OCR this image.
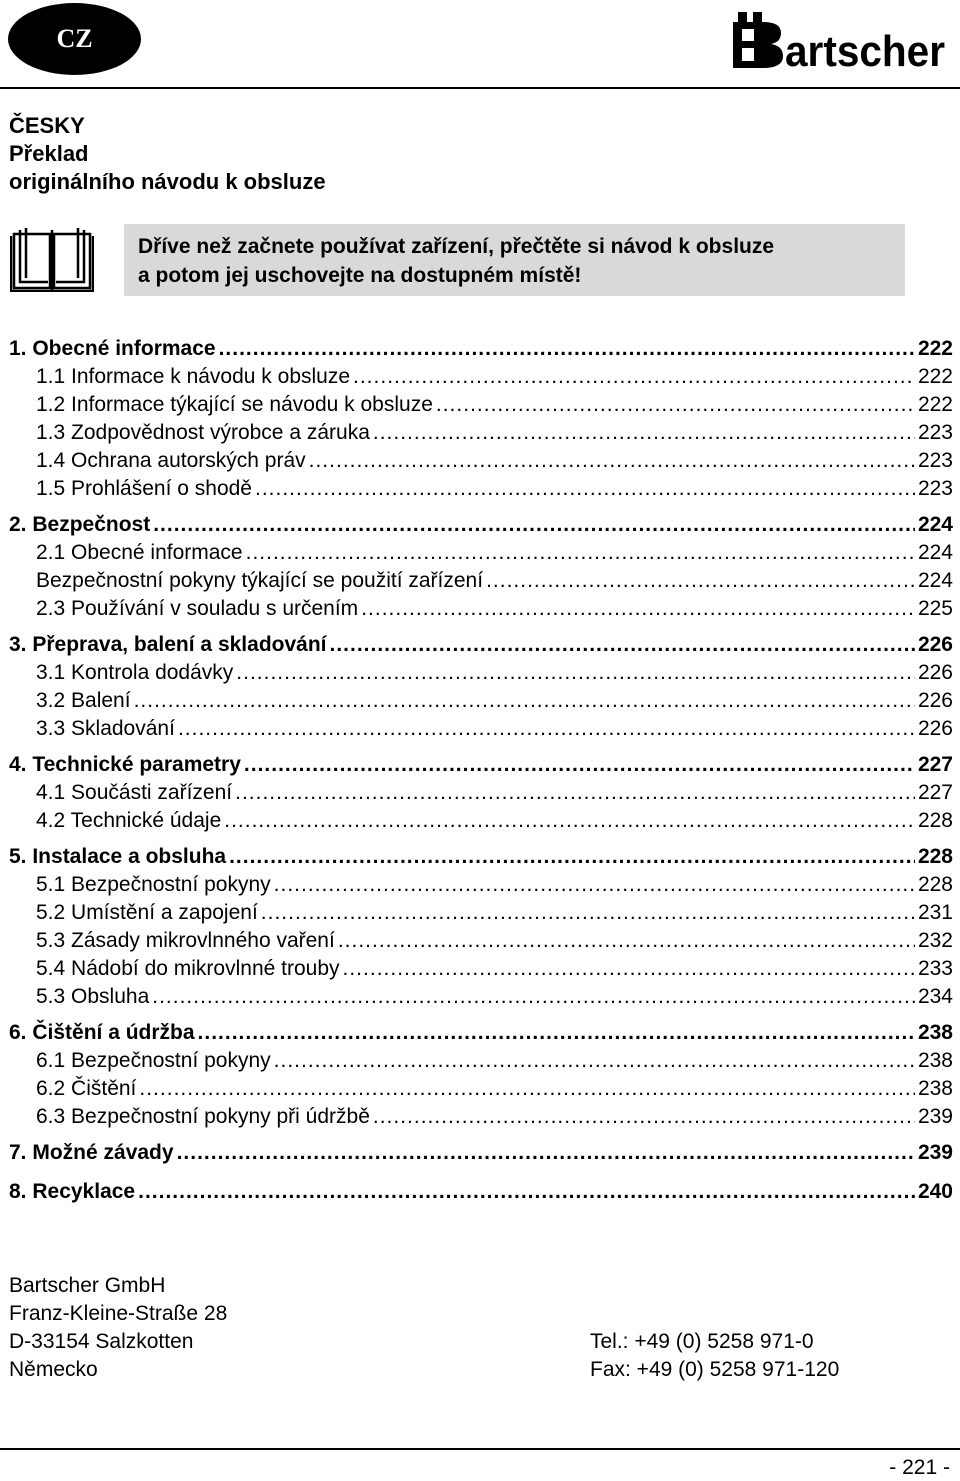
CZ	artscher
ČESKY
Překlad
originálního návodu k obsluze
Dříve než začnete používat zařízení, přečtěte si návod k obsluze
a potom jej uschovejte na dostupném místě!
1. Obecné informace .....	222
1.1 Informace k návodu k obsluze .....	222
1.2 Informace týkající se návodu k obsluze .....	222
1.3 Zodpovědnost výrobce a záruka .....	223
1.4 Ochrana autorských práv .....	223
1.5 Prohlášení o shodě .....	223
2. Bezpečnost .....	224
2.1 Obecné informace .....	224
Bezpečnostní pokyny týkající se použití zařízení .....	224
2.3 Používání v souladu s určením .....	225
3. Přeprava, balení a skladování .....	226
3.1 Kontrola dodávky .....	226
3.2 Balení .....	226
3.3 Skladování .....	226
4. Technické parametry .....	227
4.1 Součásti zařízení .....	227
4.2 Technické údaje .....	228
5. Instalace a obsluha .....	228
5.1 Bezpečnostní pokyny .....	228
5.2 Umístění a zapojení .....	231
5.3 Zásady mikrovlnného vaření .....	232
5.4 Nádobí do mikrovlnné trouby .....	233
5.3 Obsluha .....	234
6. Čištění a údržba .....	238
6.1 Bezpečnostní pokyny .....	238
6.2 Čištění .....	238
6.3 Bezpečnostní pokyny při údržbě .....	239
7. Možné závady .....	239
8. Recyklace .....	240
Bartscher GmbH
Franz-Kleine-Straße 28
D-33154 Salzkotten
Německo
Tel.: +49 (0) 5258 971-0
Fax: +49 (0) 5258 971-120
- 221 -
